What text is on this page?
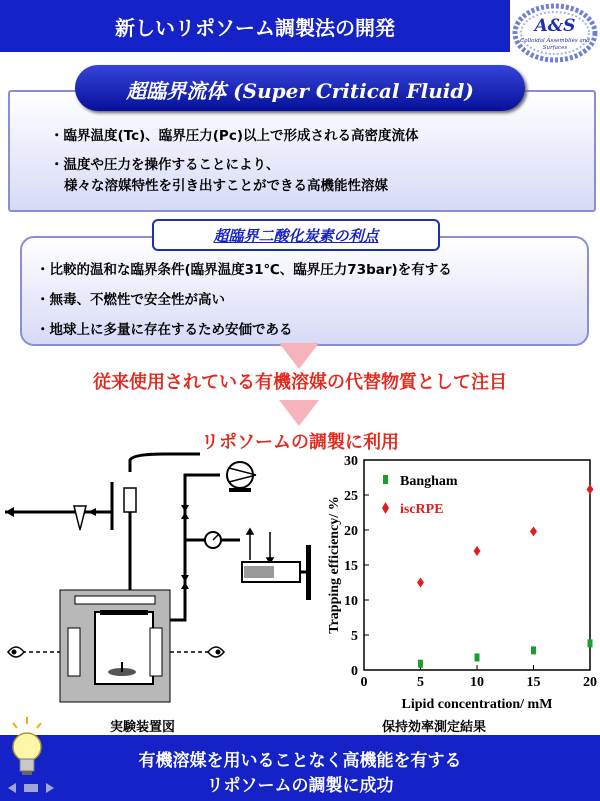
新しいリポソーム調製法の開発	A&S
Colloidal Assemblies and Surfaces
超臨界流体 (Super Critical Fluid)
・臨界温度(Tc)、臨界圧力(Pc)以上で形成される高密度流体
・温度や圧力を操作することにより、
様々な溶媒特性を引き出すことができる高機能性溶媒
超臨界二酸化炭素の利点
・比較的温和な臨界条件(臨界温度31℃、臨界圧力73bar)を有する
・無毒、不燃性で安全性が高い
・地球上に多量に存在するため安価である
従来使用されている有機溶媒の代替物質として注目
リポソームの調製に利用
実験装置図
0	5	10	15	20
0
5
10
15
20
25
30
Lipid concentration/ mM
Trapping efficiency/ %
Bangham
iscRPE
保持効率測定結果
有機溶媒を用いることなく高機能を有する
リポソームの調製に成功
